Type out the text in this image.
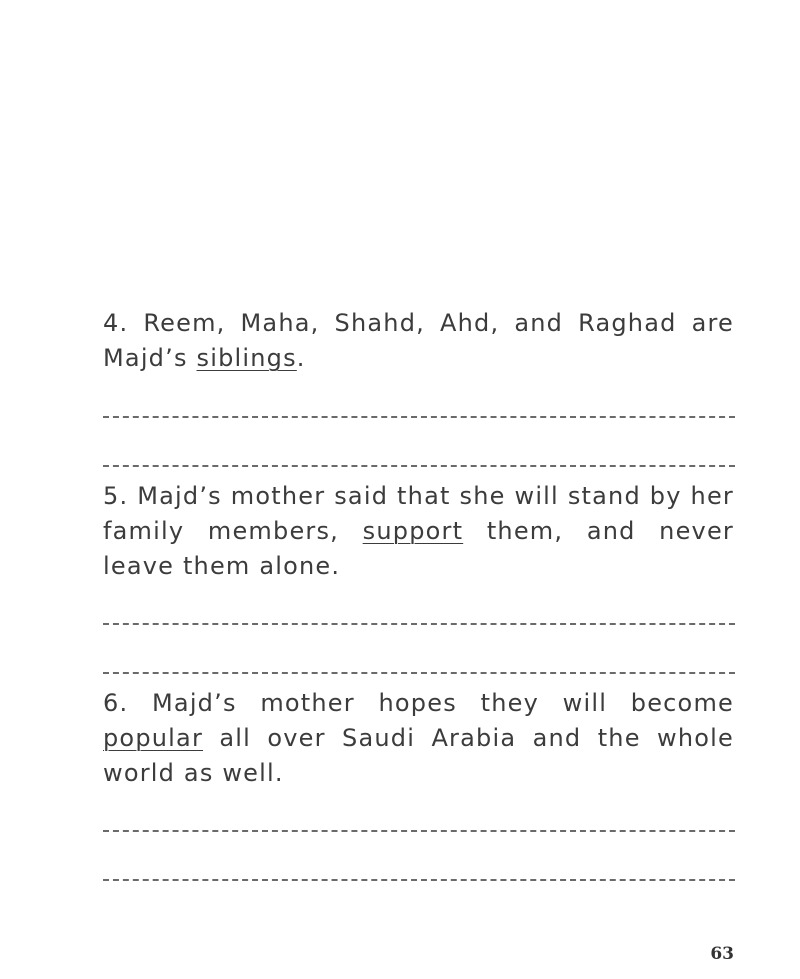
4. Reem, Maha, Shahd, Ahd, and Raghad are Majd’s siblings.

5. Majd’s mother said that she will stand by her family members, support them, and never leave them alone.

6. Majd’s mother hopes they will become popular all over Saudi Arabia and the whole world as well.

63
